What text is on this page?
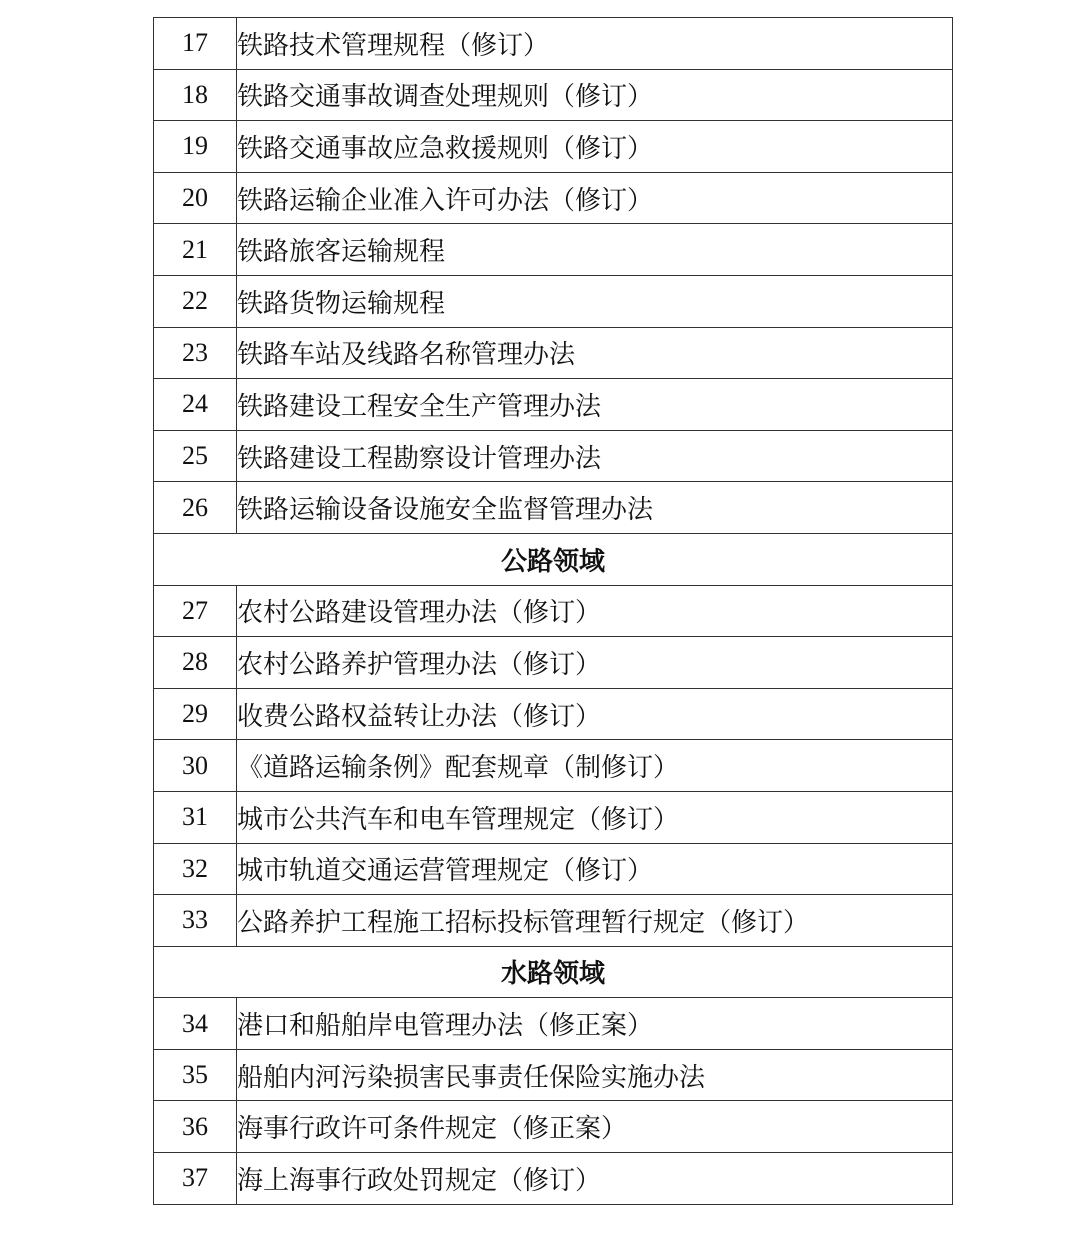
17	铁路技术管理规程（修订）
18	铁路交通事故调查处理规则（修订）
19	铁路交通事故应急救援规则（修订）
20	铁路运输企业准入许可办法（修订）
21	铁路旅客运输规程
22	铁路货物运输规程
23	铁路车站及线路名称管理办法
24	铁路建设工程安全生产管理办法
25	铁路建设工程勘察设计管理办法
26	铁路运输设备设施安全监督管理办法
公路领域	
27	农村公路建设管理办法（修订）
28	农村公路养护管理办法（修订）
29	收费公路权益转让办法（修订）
30	《道路运输条例》配套规章（制修订）
31	城市公共汽车和电车管理规定（修订）
32	城市轨道交通运营管理规定（修订）
33	公路养护工程施工招标投标管理暂行规定（修订）
水路领域	
34	港口和船舶岸电管理办法（修正案）
35	船舶内河污染损害民事责任保险实施办法
36	海事行政许可条件规定（修正案）
37	海上海事行政处罚规定（修订）
